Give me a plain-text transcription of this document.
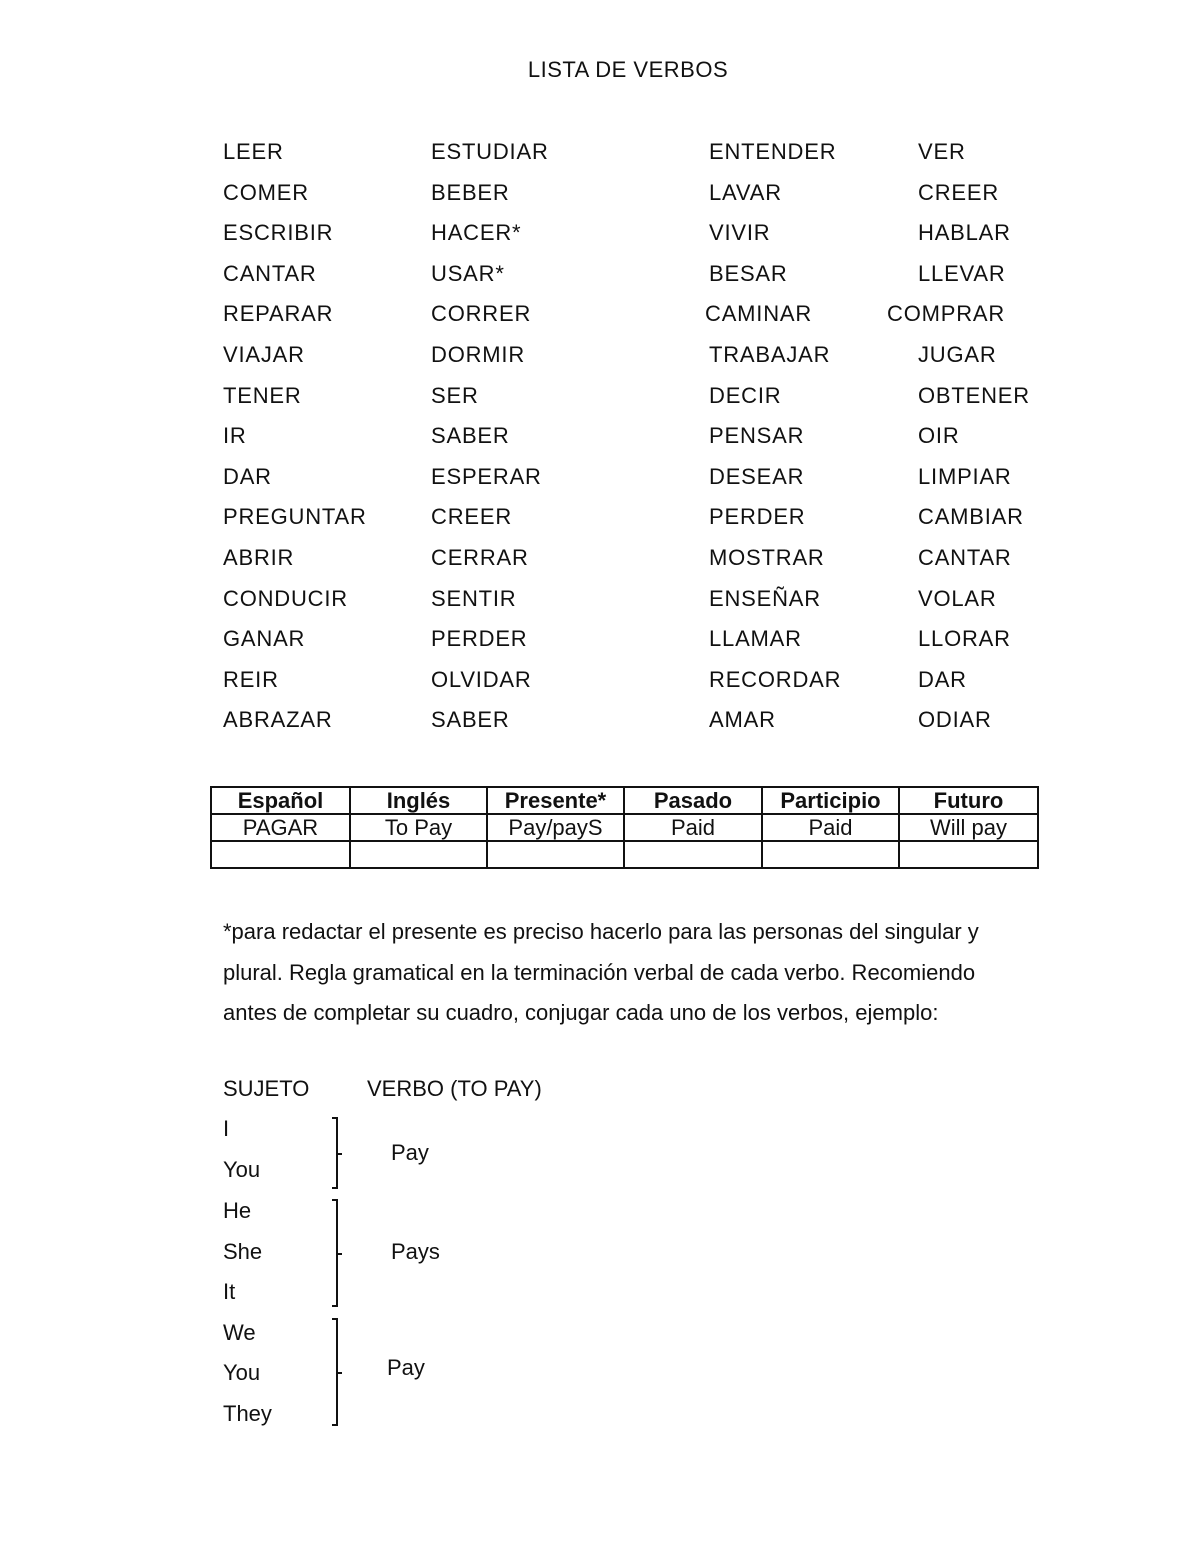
LISTA DE VERBOS
LEER	ESTUDIAR	ENTENDER	VER
COMER	BEBER	LAVAR	CREER
ESCRIBIR	HACER*	VIVIR	HABLAR
CANTAR	USAR*	BESAR	LLEVAR
REPARAR	CORRER	CAMINAR	COMPRAR
VIAJAR	DORMIR	TRABAJAR	JUGAR
TENER	SER	DECIR	OBTENER
IR	SABER	PENSAR	OIR
DAR	ESPERAR	DESEAR	LIMPIAR
PREGUNTAR	CREER	PERDER	CAMBIAR
ABRIR	CERRAR	MOSTRAR	CANTAR
CONDUCIR	SENTIR	ENSEÑAR	VOLAR
GANAR	PERDER	LLAMAR	LLORAR
REIR	OLVIDAR	RECORDAR	DAR
ABRAZAR	SABER	AMAR	ODIAR
Español	Inglés	Presente*	Pasado	Participio	Futuro
PAGAR	To Pay	Pay/payS	Paid	Paid	Will pay

*para redactar el presente es preciso hacerlo para las personas del singular y
plural. Regla gramatical en la terminación verbal de cada verbo. Recomiendo
antes de completar su cuadro, conjugar cada uno de los verbos, ejemplo:
SUJETO	VERBO (TO PAY)
I
You
Pay
He
She
It
Pays
We
You
They
Pay
